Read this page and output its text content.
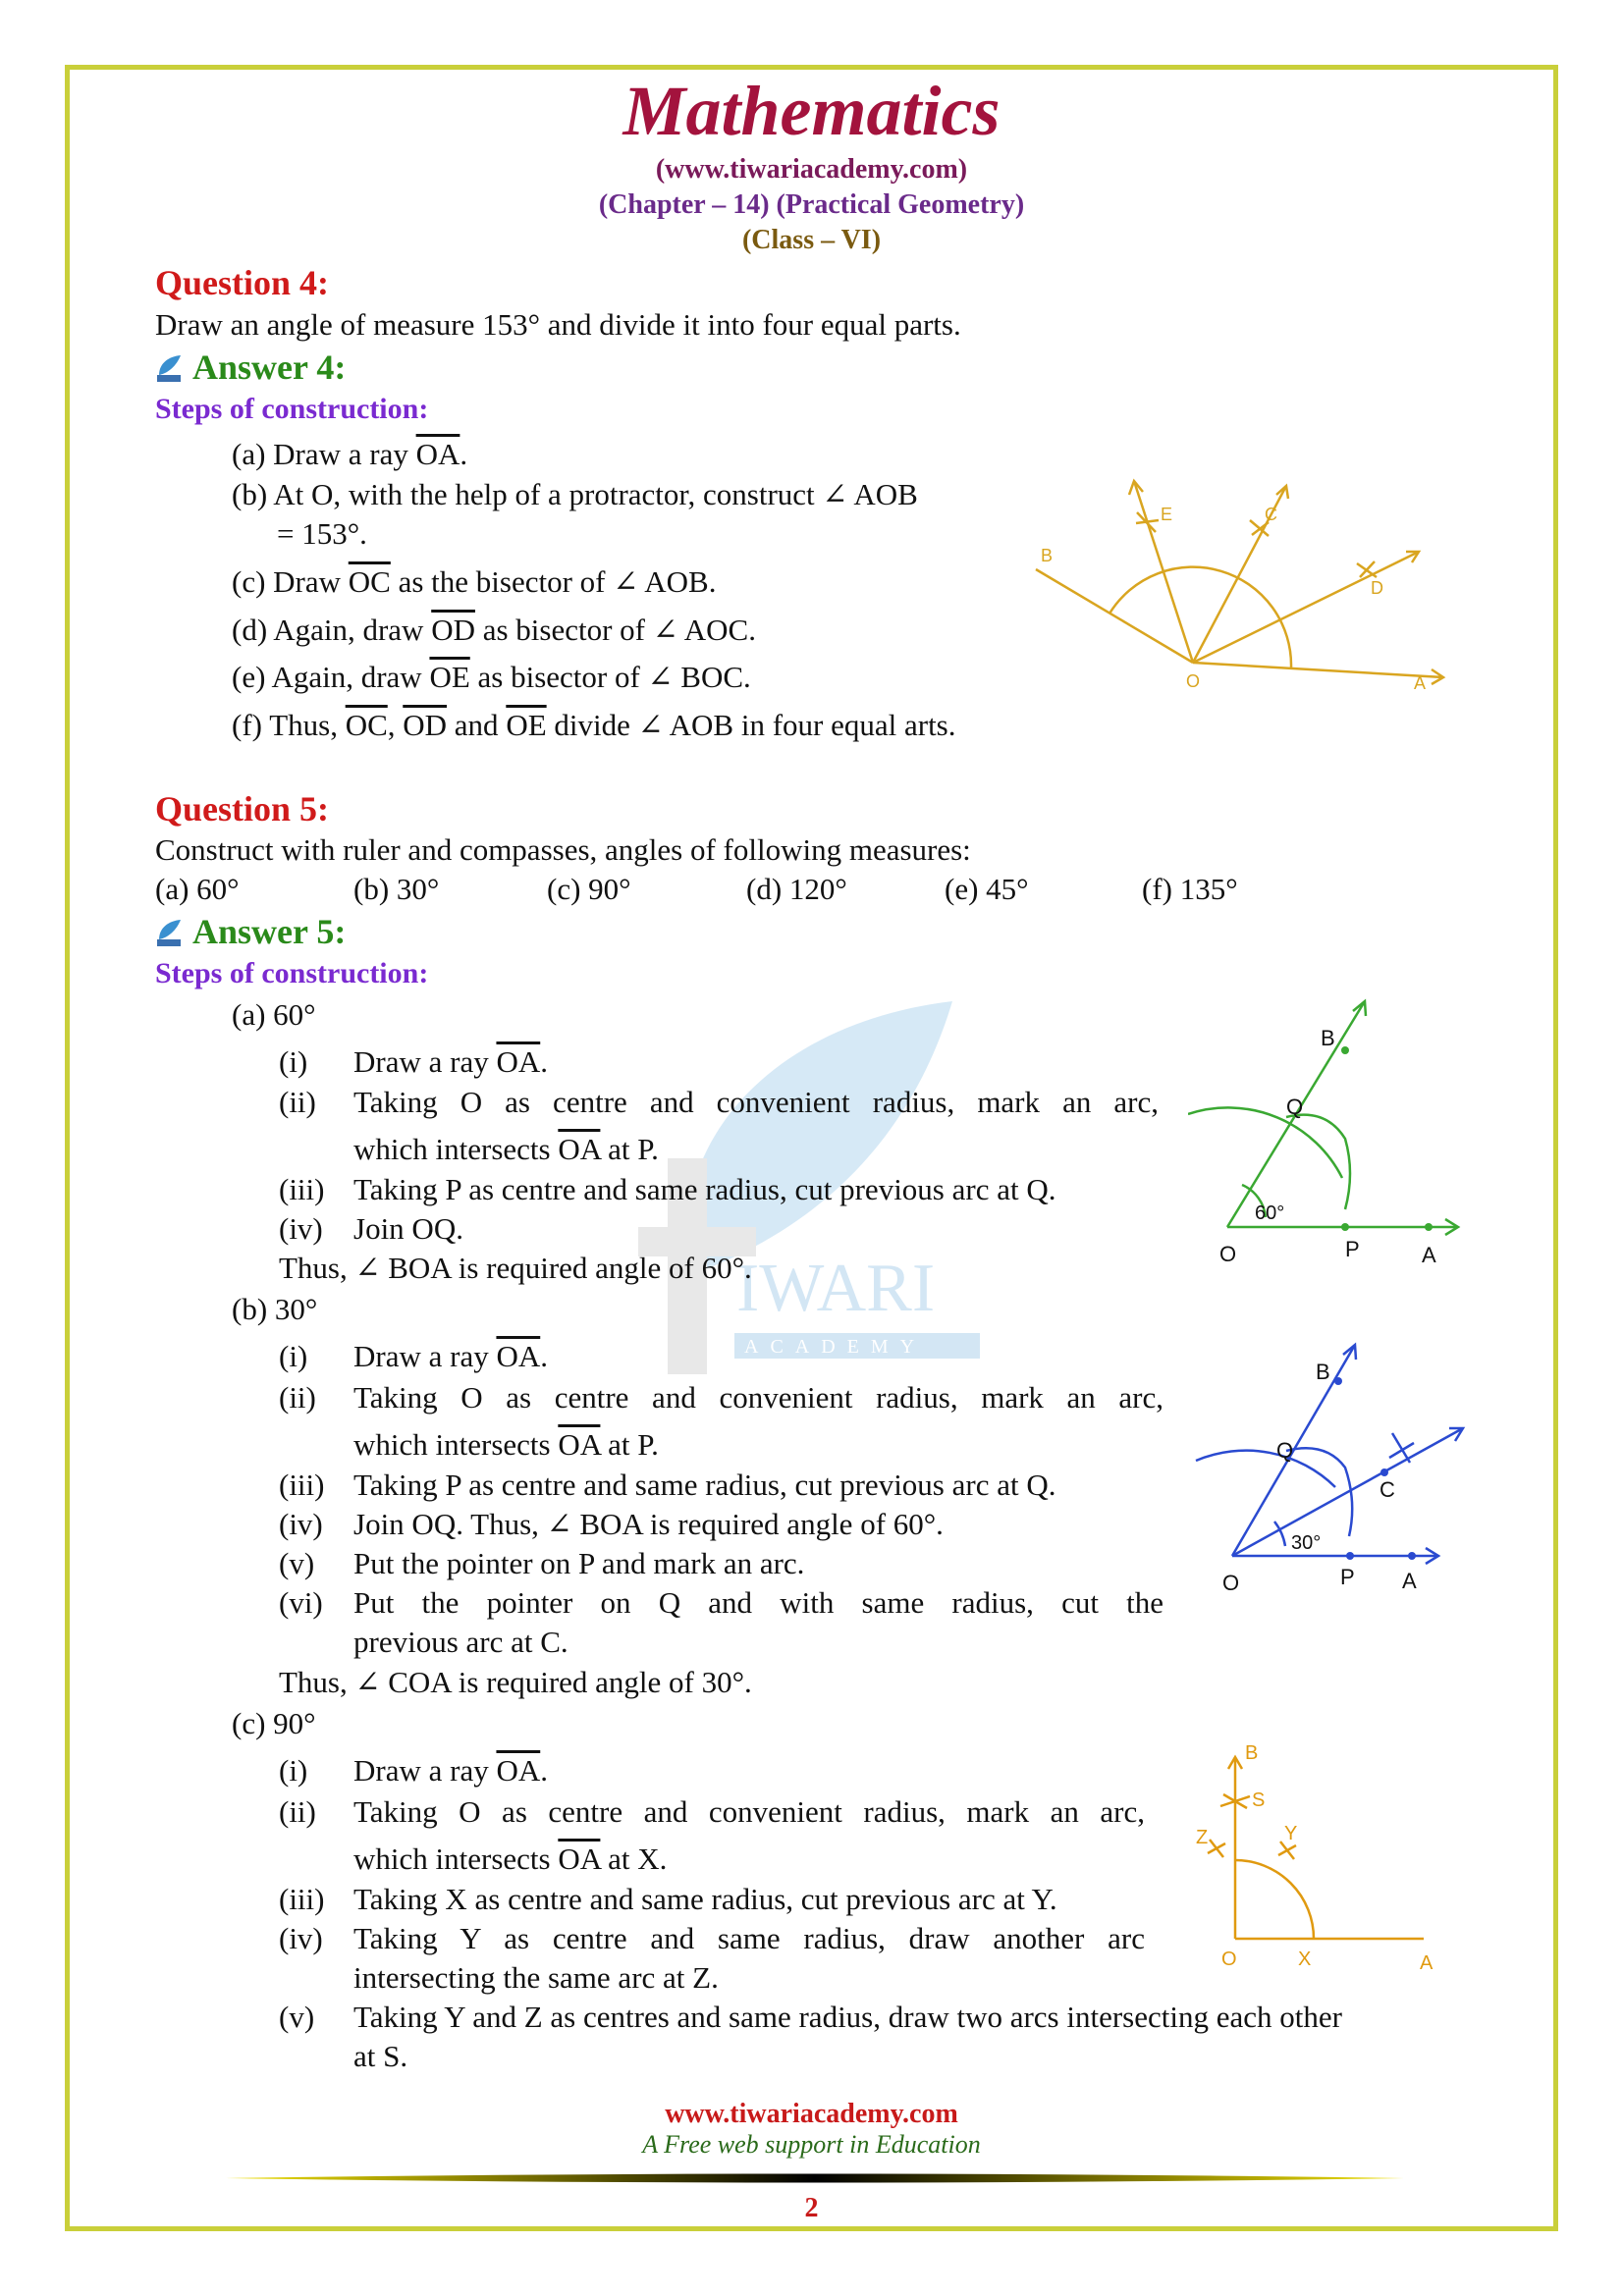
IWARI
ACADEMY
Mathematics
(www.tiwariacademy.com)
(Chapter – 14) (Practical Geometry)
(Class – VI)
Question 4:
Draw an angle of measure 153° and divide it into four equal parts.
Answer 4:
Steps of construction:
(a) Draw a ray $\overline{OA}$.
(b) At O, with the help of a protractor, construct ∠ AOB
= 153°.
(c) Draw $\overline{OC}$ as the bisector of ∠ AOB.
(d) Again, draw $\overline{OD}$ as bisector of ∠ AOC.
(e) Again, draw $\overline{OE}$ as bisector of ∠ BOC.
(f) Thus, $\overline{OC}$, $\overline{OD}$ and $\overline{OE}$ divide ∠ AOB in four equal arts.
B
E	C
D
O	A
Question 5:
Construct with ruler and compasses, angles of following measures:
(a) 60°	(b) 30°	(c) 90°	(d) 120°	(e) 45°	(f) 135°
Answer 5:
Steps of construction:
(a) 60°
(i) Draw a ray $\overline{OA}$.
(ii) Taking O as centre and convenient radius, mark an arc,
which intersects $\overline{OA}$ at P.
(iii) Taking P as centre and same radius, cut previous arc at Q.
(iv) Join OQ.
Thus, ∠ BOA is required angle of 60°.
B
Q
O	P	A
60°
(b) 30°
(i) Draw a ray $\overline{OA}$.
(ii) Taking O as centre and convenient radius, mark an arc,
which intersects $\overline{OA}$ at P.
(iii) Taking P as centre and same radius, cut previous arc at Q.
(iv) Join OQ. Thus, ∠ BOA is required angle of 60°.
(v) Put the pointer on P and mark an arc.
(vi) Put the pointer on Q and with same radius, cut the
previous arc at C.
Thus, ∠ COA is required angle of 30°.
B
Q
C
O	P A
30°
(c) 90°
(i) Draw a ray $\overline{OA}$.
(ii) Taking O as centre and convenient radius, mark an arc,
which intersects $\overline{OA}$ at X.
(iii) Taking X as centre and same radius, cut previous arc at Y.
(iv) Taking Y as centre and same radius, draw another arc
intersecting the same arc at Z.
(v) Taking Y and Z as centres and same radius, draw two arcs intersecting each other
at S.
B
S
Z	Y
O	X	A
www.tiwariacademy.com
A Free web support in Education
2
